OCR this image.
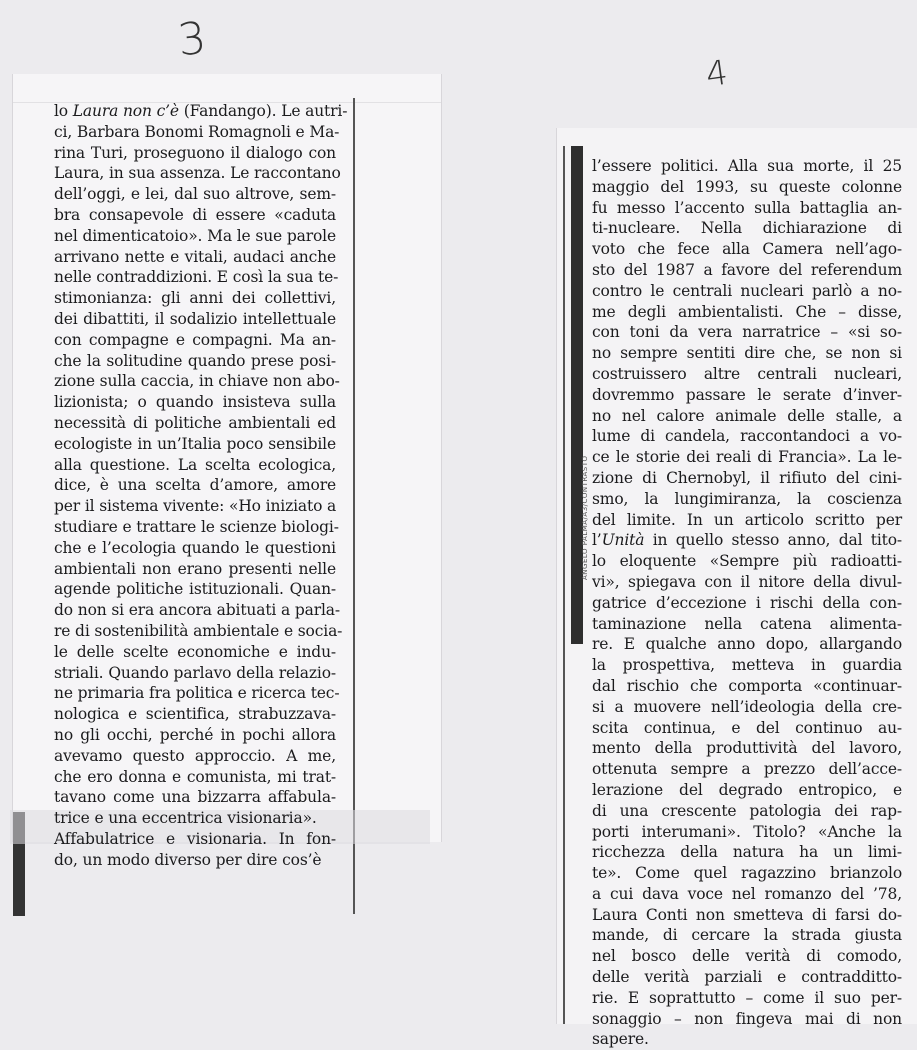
3
4
ANGELO PALMA/A3/CONTRASTO
lo Laura non c’è (Fandango). Le autri-
ci, Barbara Bonomi Romagnoli e Ma-
rina Turi, proseguono il dialogo con
Laura, in sua assenza. Le raccontano
dell’oggi, e lei, dal suo altrove, sem-
bra consapevole di essere «caduta
nel dimenticatoio». Ma le sue parole
arrivano nette e vitali, audaci anche
nelle contraddizioni. E così la sua te-
stimonianza: gli anni dei collettivi,
dei dibattiti, il sodalizio intellettuale
con compagne e compagni. Ma an-
che la solitudine quando prese posi-
zione sulla caccia, in chiave non abo-
lizionista; o quando insisteva sulla
necessità di politiche ambientali ed
ecologiste in un’Italia poco sensibile
alla questione. La scelta ecologica,
dice, è una scelta d’amore, amore
per il sistema vivente: «Ho iniziato a
studiare e trattare le scienze biologi-
che e l’ecologia quando le questioni
ambientali non erano presenti nelle
agende politiche istituzionali. Quan-
do non si era ancora abituati a parla-
re di sostenibilità ambientale e socia-
le delle scelte economiche e indu-
striali. Quando parlavo della relazio-
ne primaria fra politica e ricerca tec-
nologica e scientifica, strabuzzava-
no gli occhi, perché in pochi allora
avevamo questo approccio. A me,
che ero donna e comunista, mi trat-
tavano come una bizzarra affabula-
trice e una eccentrica visionaria».
Affabulatrice e visionaria. In fon-
do, un modo diverso per dire cos’è
l’essere politici. Alla sua morte, il 25
maggio del 1993, su queste colonne
fu messo l’accento sulla battaglia an-
ti-nucleare. Nella dichiarazione di
voto che fece alla Camera nell’ago-
sto del 1987 a favore del referendum
contro le centrali nucleari parlò a no-
me degli ambientalisti. Che – disse,
con toni da vera narratrice – «si so-
no sempre sentiti dire che, se non si
costruissero altre centrali nucleari,
dovremmo passare le serate d’inver-
no nel calore animale delle stalle, a
lume di candela, raccontandoci a vo-
ce le storie dei reali di Francia». La le-
zione di Chernobyl, il rifiuto del cini-
smo, la lungimiranza, la coscienza
del limite. In un articolo scritto per
l’Unità in quello stesso anno, dal tito-
lo eloquente «Sempre più radioatti-
vi», spiegava con il nitore della divul-
gatrice d’eccezione i rischi della con-
taminazione nella catena alimenta-
re. E qualche anno dopo, allargando
la prospettiva, metteva in guardia
dal rischio che comporta «continuar-
si a muovere nell’ideologia della cre-
scita continua, e del continuo au-
mento della produttività del lavoro,
ottenuta sempre a prezzo dell’acce-
lerazione del degrado entropico, e
di una crescente patologia dei rap-
porti interumani». Titolo? «Anche la
ricchezza della natura ha un limi-
te». Come quel ragazzino brianzolo
a cui dava voce nel romanzo del ’78,
Laura Conti non smetteva di farsi do-
mande, di cercare la strada giusta
nel bosco delle verità di comodo,
delle verità parziali e contradditto-
rie. E soprattutto – come il suo per-
sonaggio – non fingeva mai di non
sapere.
